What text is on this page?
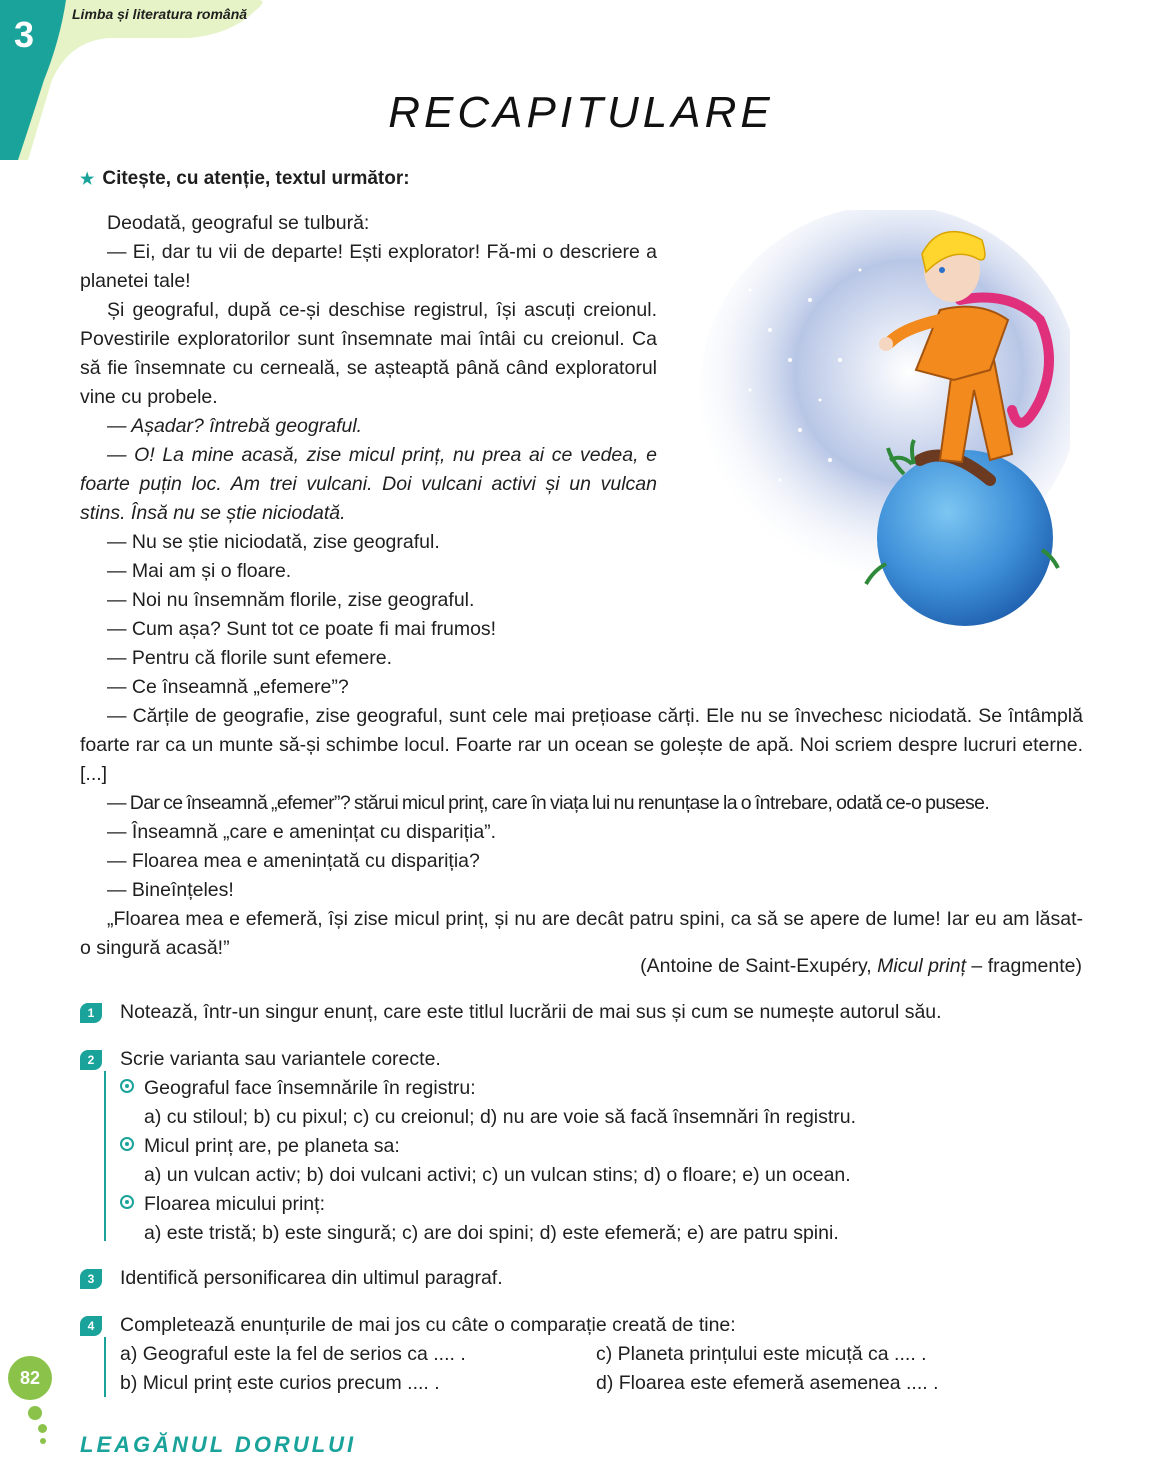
3	Limba și literatura română
RECAPITULARE
★ Citește, cu atenție, textul următor:

Deodată, geograful se tulbură:

— Ei, dar tu vii de departe! Ești explorator! Fă-mi o descriere a planetei tale!

Și geograful, după ce-și deschise registrul, își ascuți creionul. Povestirile exploratorilor sunt însemnate mai întâi cu creionul. Ca să fie însemnate cu cerneală, se așteaptă până când exploratorul vine cu probele.

— Așadar? întrebă geograful.

— O! La mine acasă, zise micul prinț, nu prea ai ce vedea, e foarte puțin loc. Am trei vulcani. Doi vulcani activi și un vulcan stins. Însă nu se știe niciodată.

— Nu se știe niciodată, zise geograful.

— Mai am și o floare.

— Noi nu însemnăm florile, zise geograful.

— Cum așa? Sunt tot ce poate fi mai frumos!

— Pentru că florile sunt efemere.

— Ce înseamnă „efemere”?

— Cărțile de geografie, zise geograful, sunt cele mai prețioase cărți. Ele nu se învechesc niciodată. Se întâmplă foarte rar ca un munte să-și schimbe locul. Foarte rar un ocean se golește de apă. Noi scriem despre lucruri eterne. [...]

— Dar ce înseamnă „efemer”? stărui micul prinț, care în viața lui nu renunțase la o întrebare, odată ce-o pusese.

— Înseamnă „care e amenințat cu dispariția”.

— Floarea mea e amenințată cu dispariția?

— Bineînțeles!

„Floarea mea e efemeră, își zise micul prinț, și nu are decât patru spini, ca să se apere de lume! Iar eu am lăsat-o singură acasă!”

(Antoine de Saint-Exupéry, Micul prinț – fragmente)
1	Notează, într-un singur enunț, care este titlul lucrării de mai sus și cum se numește autorul său.
2	Scrie varianta sau variantele corecte.
Geograful face însemnările în registru:
a) cu stiloul; b) cu pixul; c) cu creionul; d) nu are voie să facă însemnări în registru.
Micul prinț are, pe planeta sa:
a) un vulcan activ; b) doi vulcani activi; c) un vulcan stins; d) o floare; e) un ocean.
Floarea micului prinț:
a) este tristă; b) este singură; c) are doi spini; d) este efemeră; e) are patru spini.
3	Identifică personificarea din ultimul paragraf.
4	Completează enunțurile de mai jos cu câte o comparație creată de tine:
a) Geograful este la fel de serios ca .... .
b) Micul prinț este curios precum .... .
c) Planeta prințului este micuță ca .... .
d) Floarea este efemeră asemenea .... .
82
LEAGĂNUL DORULUI
